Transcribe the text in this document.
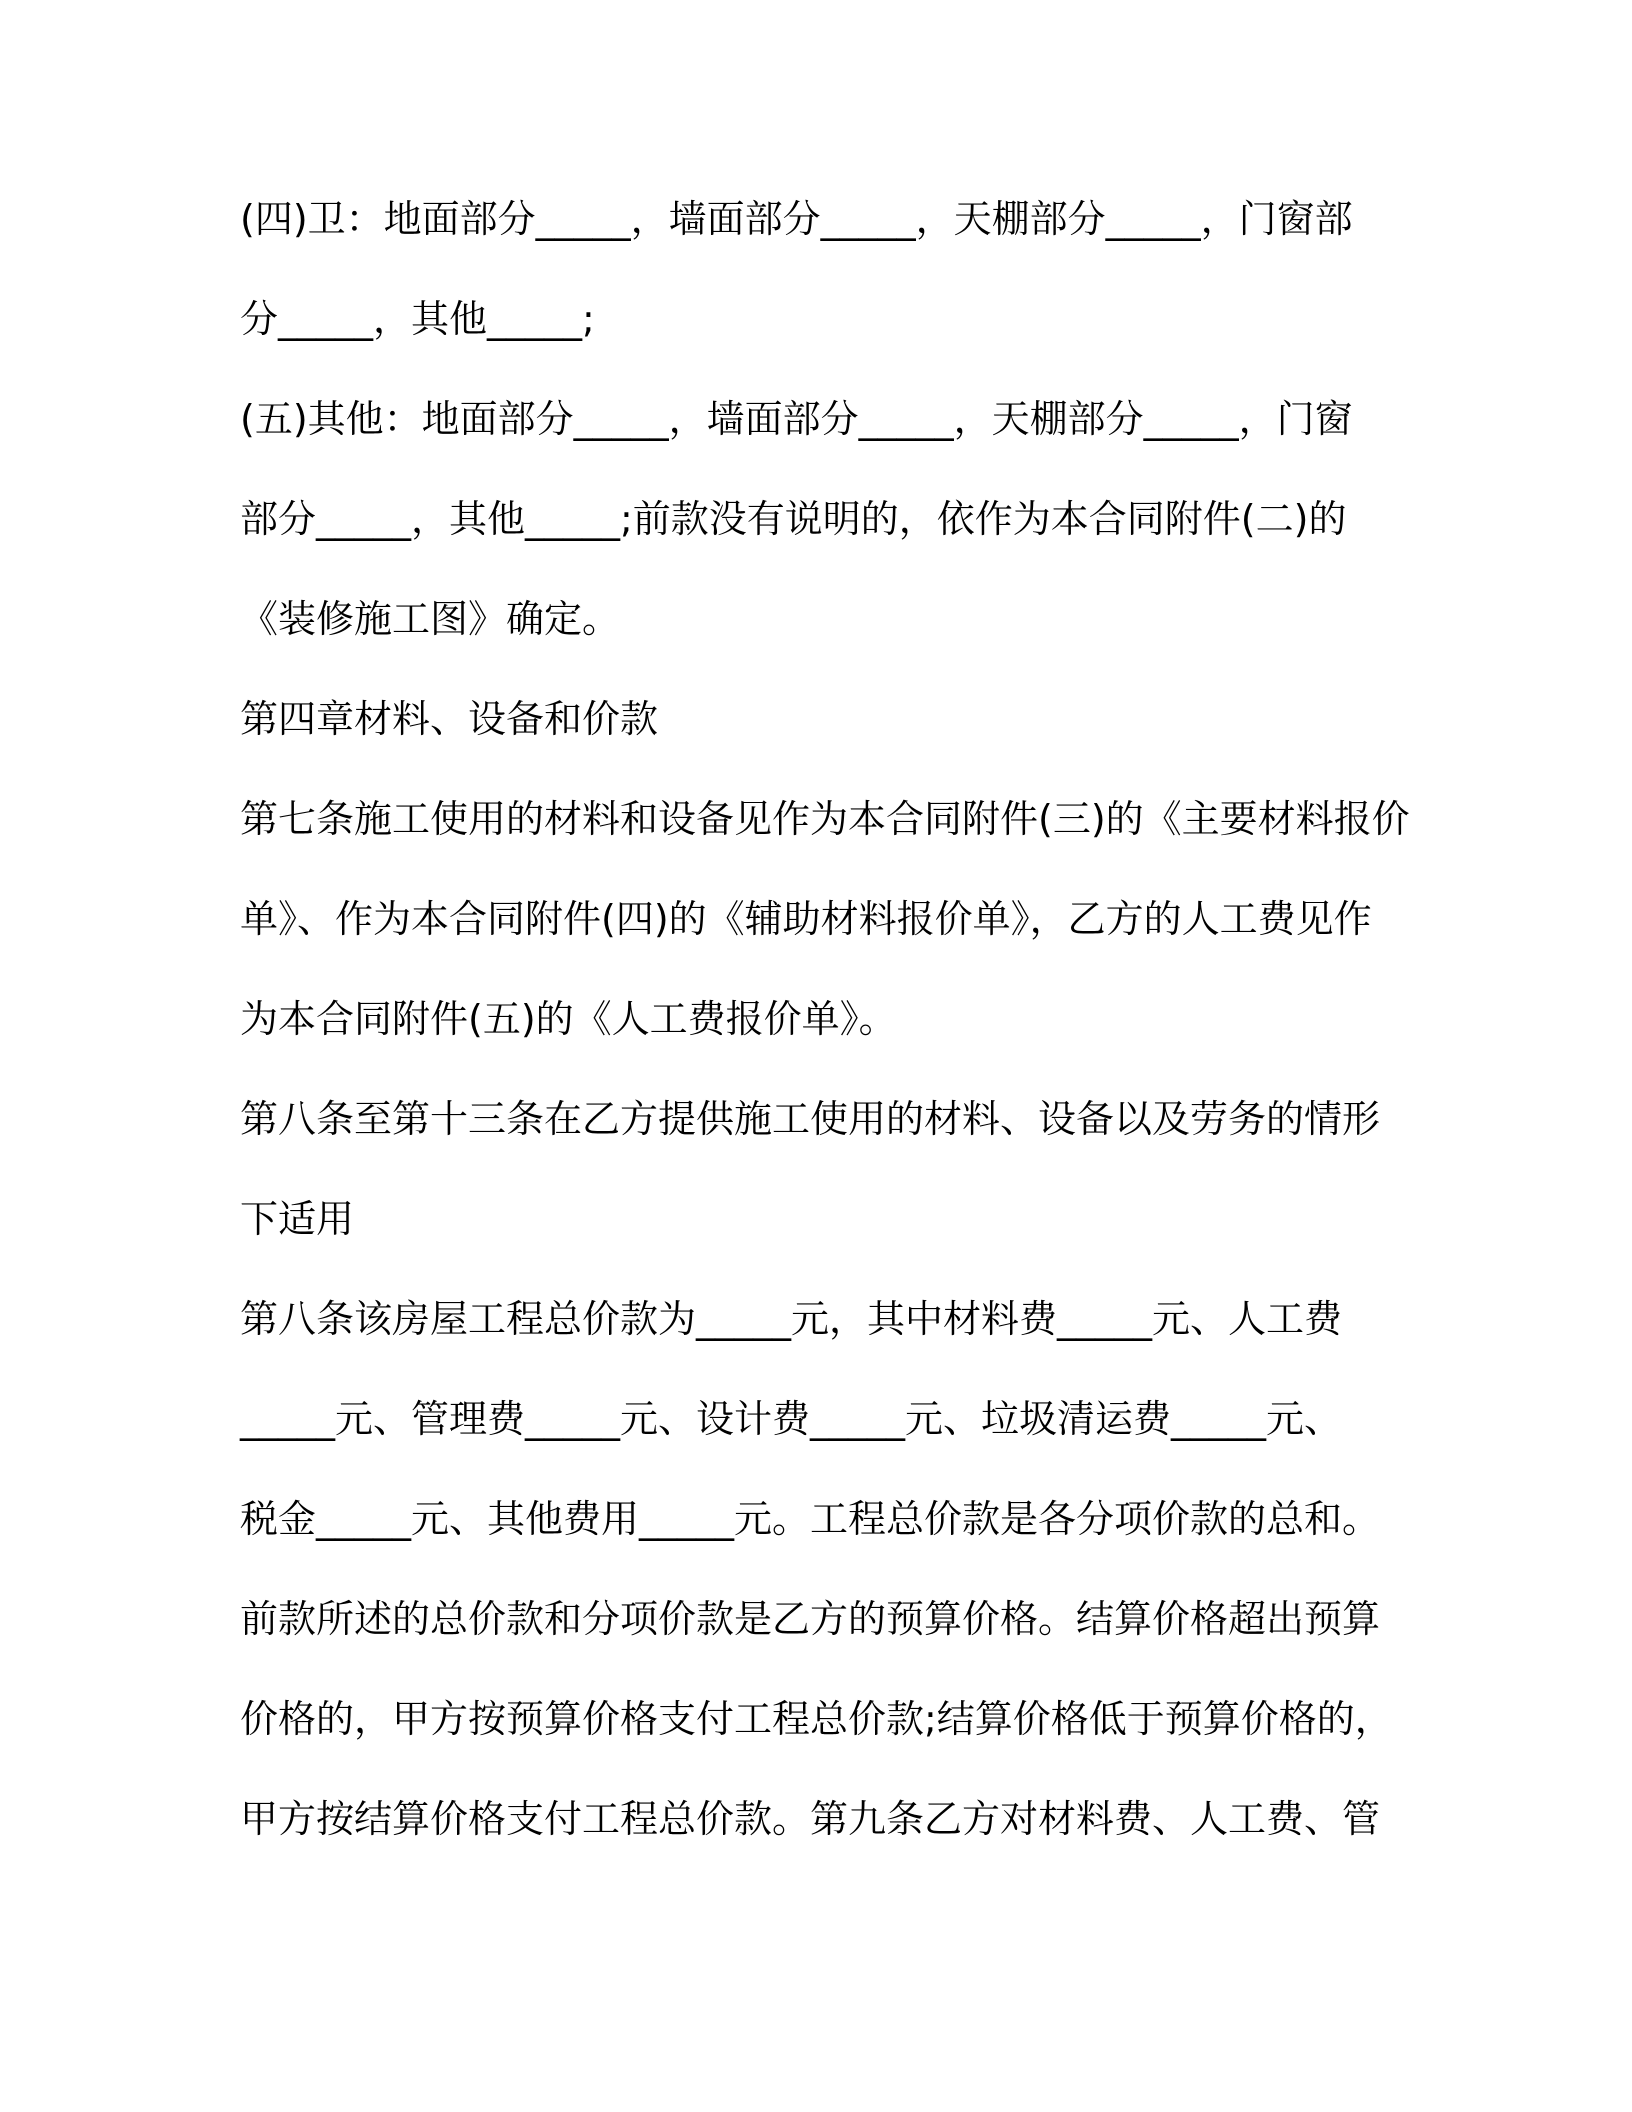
(四)卫：地面部分_____，墙面部分_____，天棚部分_____，门窗部

分_____，其他_____;

(五)其他：地面部分_____，墙面部分_____，天棚部分_____，门窗

部分_____，其他_____;前款没有说明的，依作为本合同附件(二)的

《装修施工图》确定。

第四章材料、设备和价款

第七条施工使用的材料和设备见作为本合同附件(三)的《主要材料报价

单》、作为本合同附件(四)的《辅助材料报价单》，乙方的人工费见作

为本合同附件(五)的《人工费报价单》。

第八条至第十三条在乙方提供施工使用的材料、设备以及劳务的情形

下适用

第八条该房屋工程总价款为_____元，其中材料费_____元、人工费

_____元、管理费_____元、设计费_____元、垃圾清运费_____元、

税金_____元、其他费用_____元。工程总价款是各分项价款的总和。

前款所述的总价款和分项价款是乙方的预算价格。结算价格超出预算

价格的，甲方按预算价格支付工程总价款;结算价格低于预算价格的，

甲方按结算价格支付工程总价款。第九条乙方对材料费、人工费、管
